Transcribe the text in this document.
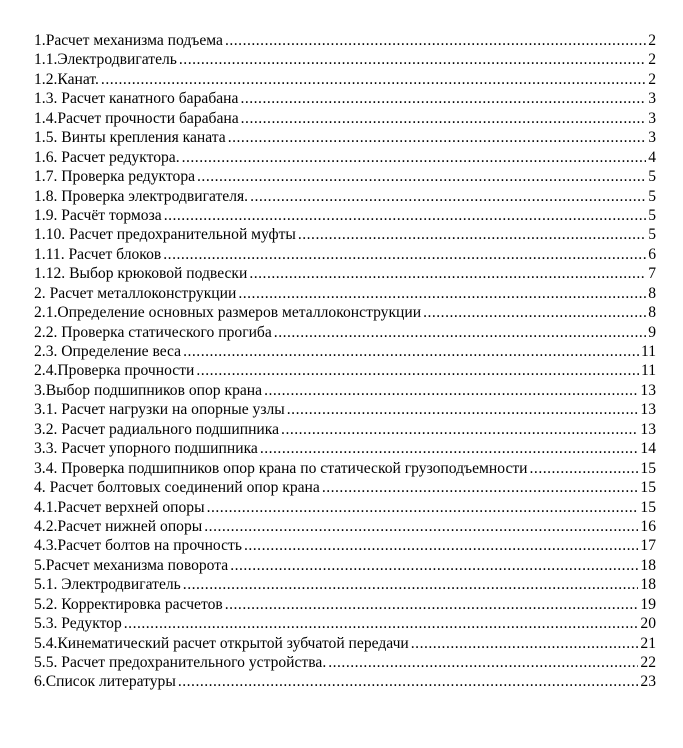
1.Расчет механизма подъема .....	2
1.1.Электродвигатель .....	2
1.2.Канат. .....	2
1.3. Расчет канатного барабана .....	3
1.4.Расчет прочности барабана .....	3
1.5. Винты крепления каната .....	3
1.6. Расчет редуктора. .....	4
1.7. Проверка редуктора .....	5
1.8. Проверка электродвигателя. .....	5
1.9. Расчёт тормоза .....	5
1.10. Расчет предохранительной муфты .....	5
1.11. Расчет блоков .....	6
1.12. Выбор крюковой подвески .....	7
2. Расчет металлоконструкции .....	8
2.1.Определение основных размеров металлоконструкции .....	8
2.2. Проверка статического прогиба .....	9
2.3. Определение веса .....	11
2.4.Проверка прочности .....	11
3.Выбор подшипников опор крана .....	13
3.1. Расчет нагрузки на опорные узлы .....	13
3.2. Расчет радиального подшипника .....	13
3.3. Расчет упорного подшипника .....	14
3.4. Проверка подшипников опор крана по статической грузоподъемности .....	15
4. Расчет болтовых соединений опор крана .....	15
4.1.Расчет верхней опоры .....	15
4.2.Расчет нижней опоры .....	16
4.3.Расчет болтов на прочность .....	17
5.Расчет механизма поворота .....	18
5.1. Электродвигатель .....	18
5.2. Корректировка расчетов .....	19
5.3. Редуктор .....	20
5.4.Кинематический расчет открытой зубчатой передачи .....	21
5.5. Расчет предохранительного устройства. .....	22
6.Список литературы .....	23
